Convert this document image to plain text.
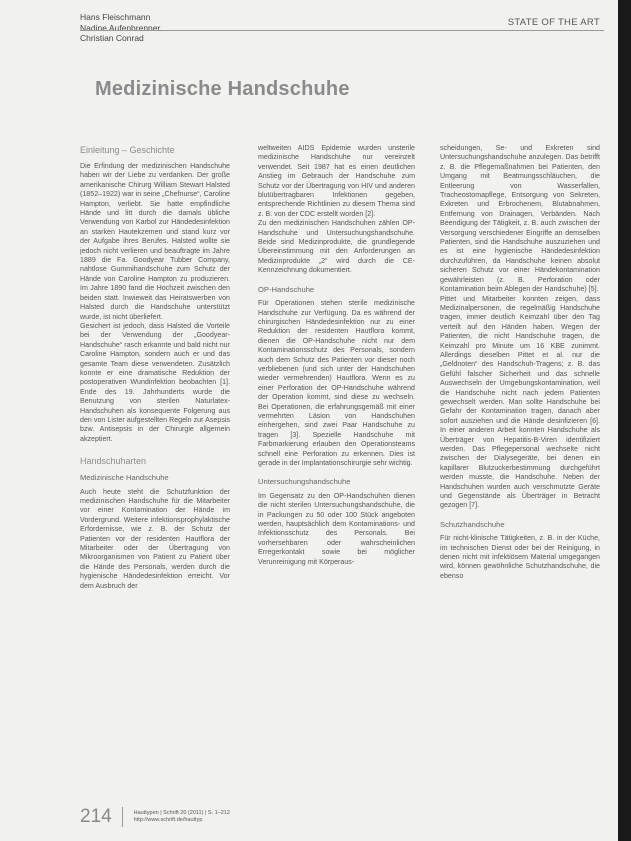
Hans Fleischmann
Nadine Aufenbrenner
Christian Conrad
STATE OF THE ART
Medizinische Handschuhe
Einleitung – Geschichte

Die Erfindung der medizinischen Handschuhe haben wir der Liebe zu verdanken. Der große amerikanische Chirurg William Stewart Halsted (1852–1922) war in seine „Chefnurse“, Caroline Hampton, verliebt. Sie hatte empfindliche Hände und litt durch die damals übliche Verwendung von Karbol zur Händedesinfektion an starken Hautekzemen und stand kurz vor der Aufgabe ihres Berufes. Halsted wollte sie jedoch nicht verlieren und beauftragte im Jahre 1889 die Fa. Goodyear Tubber Company, nahtlose Gummihandschuhe zum Schutz der Hände von Caroline Hampton zu produzieren. Im Jahre 1890 fand die Hochzeit zwischen den beiden statt. Inwieweit das Heiratswerben von Halsted durch die Handschuhe unterstützt wurde, ist nicht überliefert.

Gesichert ist jedoch, dass Halsted die Vorteile bei der Verwendung der „Goodyear-Handschuhe“ rasch erkannte und bald nicht nur Caroline Hampton, sondern auch er und das gesamte Team diese verwendeten. Zusätzlich konnte er eine dramatische Reduktion der postoperativen Wundinfektion beobachten [1]. Ende des 19. Jahrhunderts wurde die Benutzung von sterilen Naturlatex-Handschuhen als konsequente Folgerung aus den von Lister aufgestellten Regeln zur Asepsis bzw. Antisepsis in der Chirurgie allgemein akzeptiert.

Handschuharten
Medizinische Handschuhe

Auch heute steht die Schutzfunktion der medizinischen Handschuhe für die Mitarbeiter vor einer Kontamination der Hände im Vordergrund. Weitere infektionsprophylaktische Erfordernisse, wie z. B. der Schutz der Patienten vor der residenten Hautflora der Mitarbeiter oder der Übertragung von Mikroorganismen von Patient zu Patient über die Hände des Personals, werden durch die hygienische Händedesinfektion erreicht. Vor dem Ausbruch der

weltweiten AIDS Epidemie wurden unsterile medizinische Handschuhe nur vereinzelt verwendet. Seit 1987 hat es einen deutlichen Anstieg im Gebrauch der Handschuhe zum Schutz vor der Übertragung von HIV und anderen blutübertragbaren Infektionen gegeben, entsprechende Richtlinien zu diesem Thema sind z. B. von der CDC erstellt worden [2].

Zu den medizinischen Handschuhen zählen OP-Handschuhe und Untersuchungshandschuhe. Beide sind Medizinprodukte, die grundlegende Übereinstimmung mit den Anforderungen an Medizinprodukte „2“ wird durch die CE-Kennzeichnung dokumentiert.

OP-Handschuhe

Für Operationen stehen sterile medizinische Handschuhe zur Verfügung. Da es während der chirurgischen Händedesinfektion nur zu einer Reduktion der residenten Hautflora kommt, dienen die OP-Handschuhe nicht nur dem Kontaminationsschutz des Personals, sondern auch dem Schutz des Patienten vor dieser noch verbliebenen (und sich unter der Handschuhen wieder vermehrenden) Hautflora. Wenn es zu einer Perforation der OP-Handschuhe während der Operation kommt, sind diese zu wechseln. Bei Operationen, die erfahrungsgemäß mit einer vermehrten Läsion von Handschuhen einhergehen, sind zwei Paar Handschuhe zu tragen [3]. Spezielle Handschuhe mit Farbmarkierung erlauben den Operationsteams schnell eine Perforation zu erkennen. Dies ist gerade in der Implantationschirurgie sehr wichtig.

Untersuchungshandschuhe

Im Gegensatz zu den OP-Handschuhen dienen die nicht sterilen Untersuchungshandschuhe, die in Packungen zu 50 oder 100 Stück angeboten werden, hauptsächlich dem Kontaminations- und Infektionsschutz des Personals. Bei vorhersehbaren oder wahrscheinlichen Erregerkontakt sowie bei möglicher Verunreinigung mit Körperaus-

scheidungen, Se- und Exkreten sind Untersuchungshandschuhe anzulegen. Das betrifft z. B. die Pflegemaßnahmen bei Patienten, den Umgang mit Beatmungsschläuchen, die Entleerung von Wasserfallen, Tracheostomapflege, Entsorgung von Sekreten, Exkreten und Erbrochenem, Blutabnahmen, Entfernung von Drainagen, Verbänden. Nach Beendigung der Tätigkeit, z. B. auch zwischen der Versorgung verschiedener Eingriffe an demselben Patienten, sind die Handschuhe auszuziehen und es ist eine hygienische Händedesinfektion durchzuführen, da Handschuhe keinen absolut sicheren Schutz vor einer Händekontamination gewährleisten (z. B. Perforation oder Kontamination beim Ablegen der Handschuhe) [5].

Pittet und Mitarbeiter konnten zeigen, dass Medizinalpersonen, die regelmäßig Handschuhe tragen, immer deutlich Keimzahl über den Tag verteilt auf den Händen haben. Wegen der Patienten, die nicht Handschuhe tragen, die Keimzahl pro Minute um 16 KBE zunimmt. Allerdings dieselben Pittet et al. nur die „Geldnoten“ des Handschuh-Tragens; z. B. das Gefühl falscher Sicherheit und das schnelle Auswechseln der Umgebungskontamination, weil die Handschuhe nicht nach jedem Patienten gewechselt werden. Man sollte Handschuhe bei Gefahr der Kontamination tragen, danach aber sofort ausziehen und die Hände desinfizieren [6]. In einer anderen Arbeit konnten Handschuhe als Überträger von Hepatitis-B-Viren identifiziert werden. Das Pflegepersonal wechselte nicht zwischen der Dialysegeräte, bei denen ein kapillarer Blutzuckerbestimmung durchgeführt werden musste, die Handschuhe. Neben der Handschuhen wurden auch verschmutzte Geräte und Gegenstände als Überträger in Betracht gezogen [7].

Schutzhandschuhe

Für nicht-klinische Tätigkeiten, z. B. in der Küche, im technischen Dienst oder bei der Reinigung, in denen nicht mit infektiösem Material umgegangen wird, können gewöhnliche Schutzhandschuhe, die ebenso

214	Hauttypen | Schrift 20 (2011) | S. 1–212
http://www.schrift.de/hauttyp
